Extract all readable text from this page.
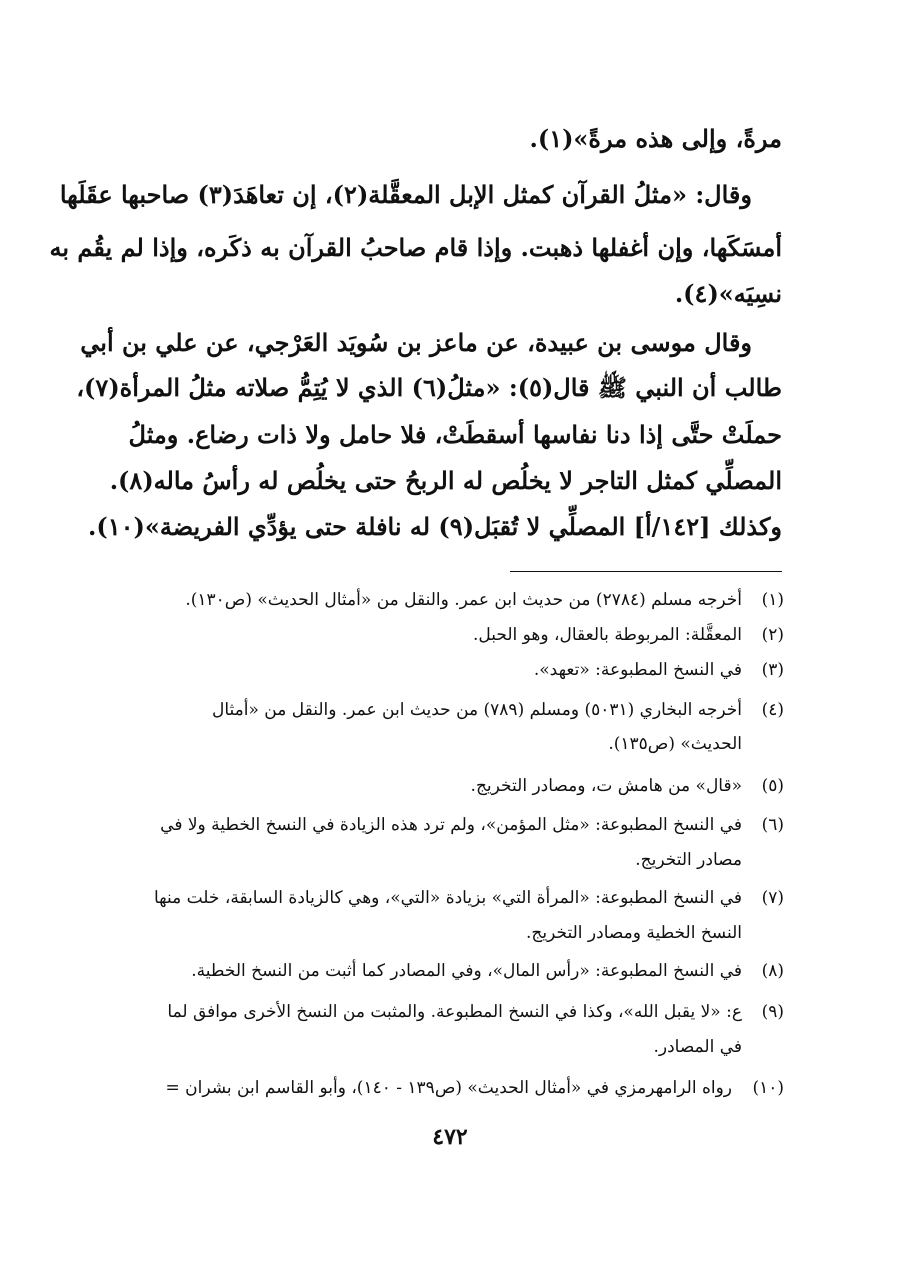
مرةً، وإلى هذه مرةً»(١).
وقال: «مثلُ القرآن كمثل الإبل المعقَّلة(٢)، إن تعاهَدَ(٣) صاحبها عقَلَها
أمسَكَها، وإن أغفلها ذهبت. وإذا قام صاحبُ القرآن به ذكَره، وإذا لم يقُم به
نسِيَه»(٤).
وقال موسى بن عبيدة، عن ماعز بن سُويَد العَرْجي، عن علي بن أبي
طالب أن النبي ﷺ قال(٥): «مثلُ(٦) الذي لا يُتِمُّ صلاته مثلُ المرأة(٧)،
حملَتْ حتَّى إذا دنا نفاسها أسقطَتْ، فلا حامل ولا ذات رضاع. ومثلُ
المصلِّي كمثل التاجر لا يخلُص له الربحُ حتى يخلُص له رأسُ ماله(٨).
وكذلك [١٤٢/أ] المصلِّي لا تُقبَل(٩) له نافلة حتى يؤدِّي الفريضة»(١٠).
(١)
أخرجه مسلم (٢٧٨٤) من حديث ابن عمر. والنقل من «أمثال الحديث» (ص١٣٠).
(٢)
المعقَّلة: المربوطة بالعقال، وهو الحبل.
(٣)
في النسخ المطبوعة: «تعهد».
(٤)
أخرجه البخاري (٥٠٣١) ومسلم (٧٨٩) من حديث ابن عمر. والنقل من «أمثال
الحديث» (ص١٣٥).
(٥)
«قال» من هامش ت، ومصادر التخريج.
(٦)
في النسخ المطبوعة: «مثل المؤمن»، ولم ترد هذه الزيادة في النسخ الخطية ولا في
مصادر التخريج.
(٧)
في النسخ المطبوعة: «المرأة التي» بزيادة «التي»، وهي كالزيادة السابقة، خلت منها
النسخ الخطية ومصادر التخريج.
(٨)
في النسخ المطبوعة: «رأس المال»، وفي المصادر كما أثبت من النسخ الخطية.
(٩)
ع: «لا يقبل الله»، وكذا في النسخ المطبوعة. والمثبت من النسخ الأخرى موافق لما
في المصادر.
(١٠)
رواه الرامهرمزي في «أمثال الحديث» (ص١٣٩ - ١٤٠)، وأبو القاسم ابن بشران =
٤٧٢
